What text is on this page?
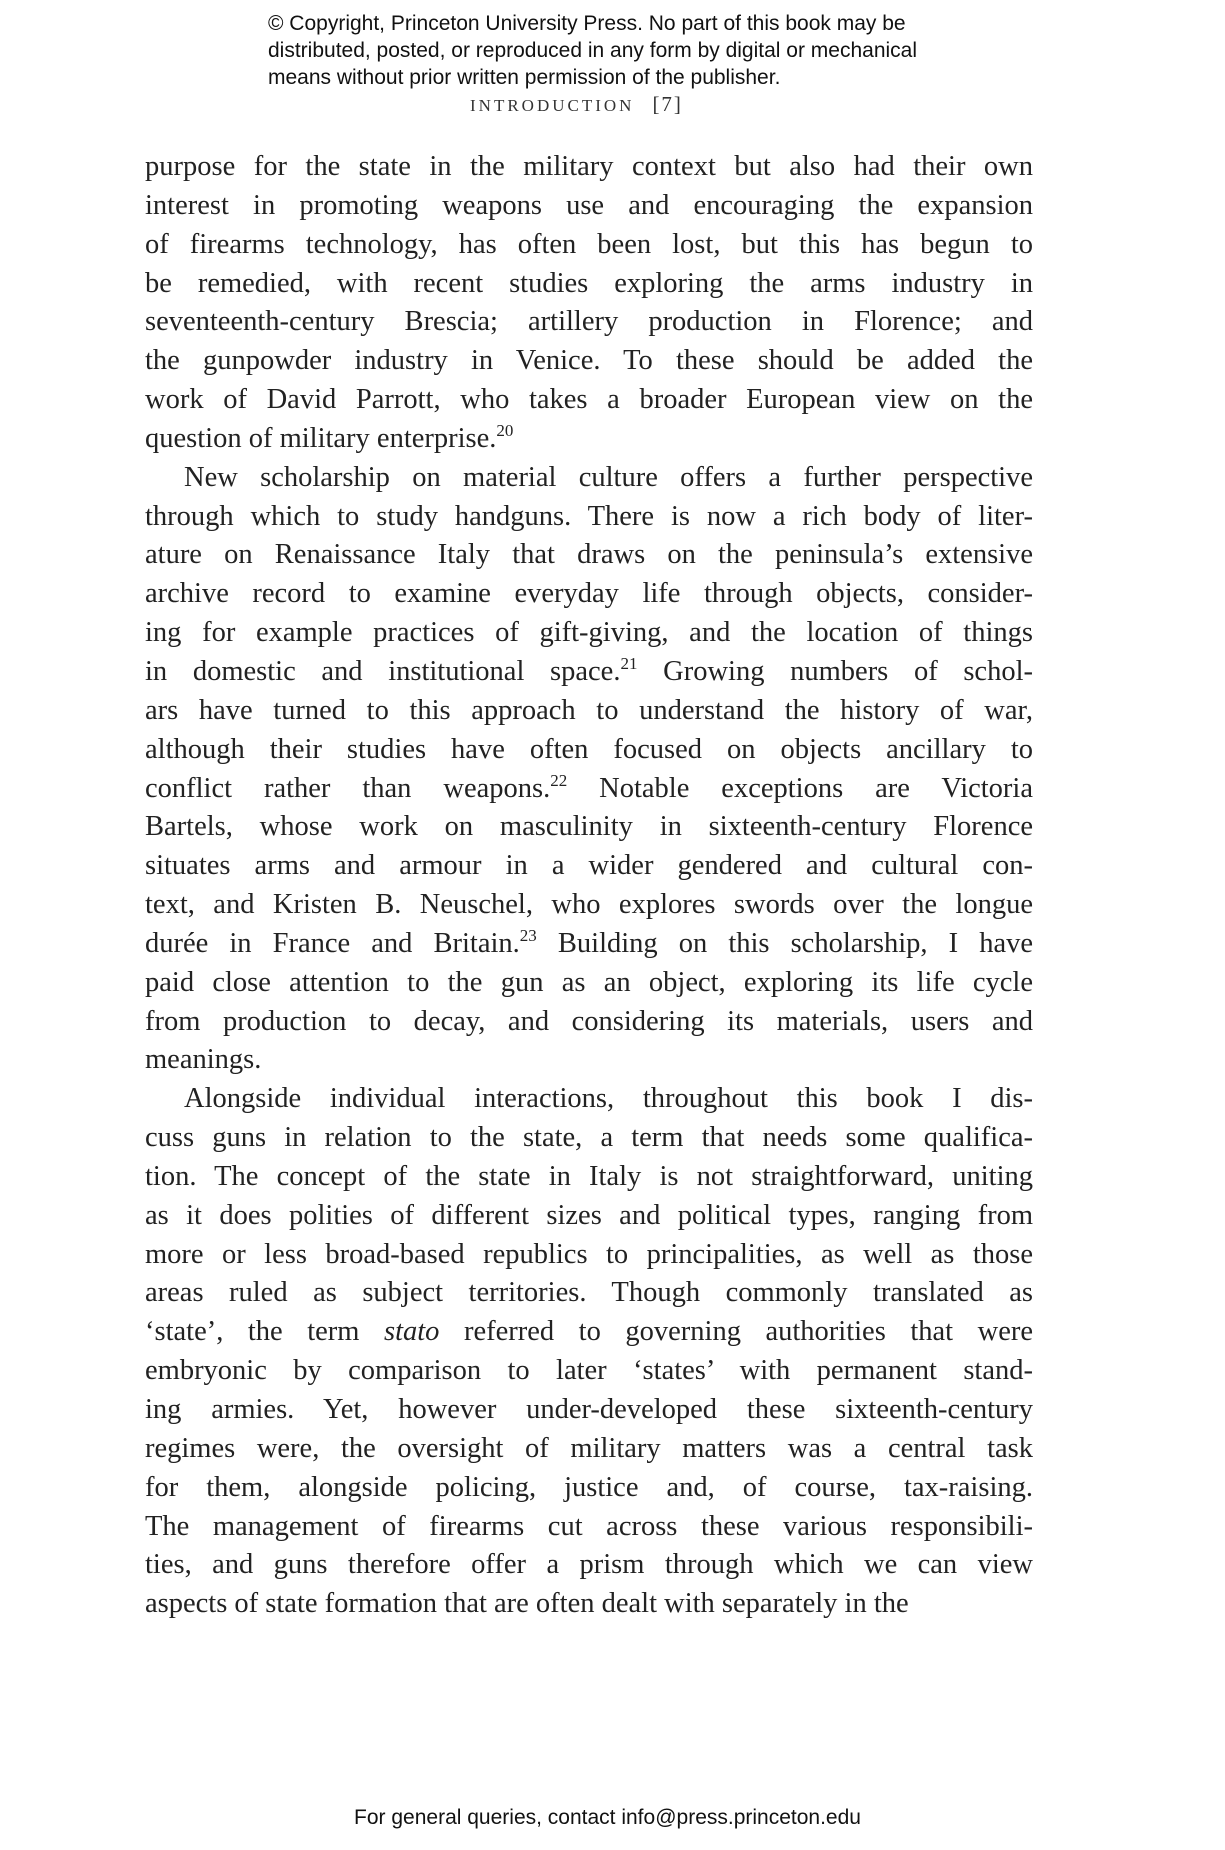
© Copyright, Princeton University Press. No part of this book may be
distributed, posted, or reproduced in any form by digital or mechanical
means without prior written permission of the publisher.
INTRODUCTION [7]
purpose for the state in the military context but also had their own
interest in promoting weapons use and encouraging the expansion
of firearms technology, has often been lost, but this has begun to
be remedied, with recent studies exploring the arms industry in
seventeenth-century Brescia; artillery production in Florence; and
the gunpowder industry in Venice. To these should be added the
work of David Parrott, who takes a broader European view on the
question of military enterprise.$^{20}$
New scholarship on material culture offers a further perspective
through which to study handguns. There is now a rich body of liter-
ature on Renaissance Italy that draws on the peninsula’s extensive
archive record to examine everyday life through objects, consider-
ing for example practices of gift-giving, and the location of things
in domestic and institutional space.$^{21}$ Growing numbers of schol-
ars have turned to this approach to understand the history of war,
although their studies have often focused on objects ancillary to
conflict rather than weapons.$^{22}$ Notable exceptions are Victoria
Bartels, whose work on masculinity in sixteenth-century Florence
situates arms and armour in a wider gendered and cultural con-
text, and Kristen B. Neuschel, who explores swords over the longue
durée in France and Britain.$^{23}$ Building on this scholarship, I have
paid close attention to the gun as an object, exploring its life cycle
from production to decay, and considering its materials, users and
meanings.
Alongside individual interactions, throughout this book I dis-
cuss guns in relation to the state, a term that needs some qualifica-
tion. The concept of the state in Italy is not straightforward, uniting
as it does polities of different sizes and political types, ranging from
more or less broad-based republics to principalities, as well as those
areas ruled as subject territories. Though commonly translated as
‘state’, the term stato referred to governing authorities that were
embryonic by comparison to later ‘states’ with permanent stand-
ing armies. Yet, however under-developed these sixteenth-century
regimes were, the oversight of military matters was a central task
for them, alongside policing, justice and, of course, tax-raising.
The management of firearms cut across these various responsibili-
ties, and guns therefore offer a prism through which we can view
aspects of state formation that are often dealt with separately in the
For general queries, contact info@press.princeton.edu
